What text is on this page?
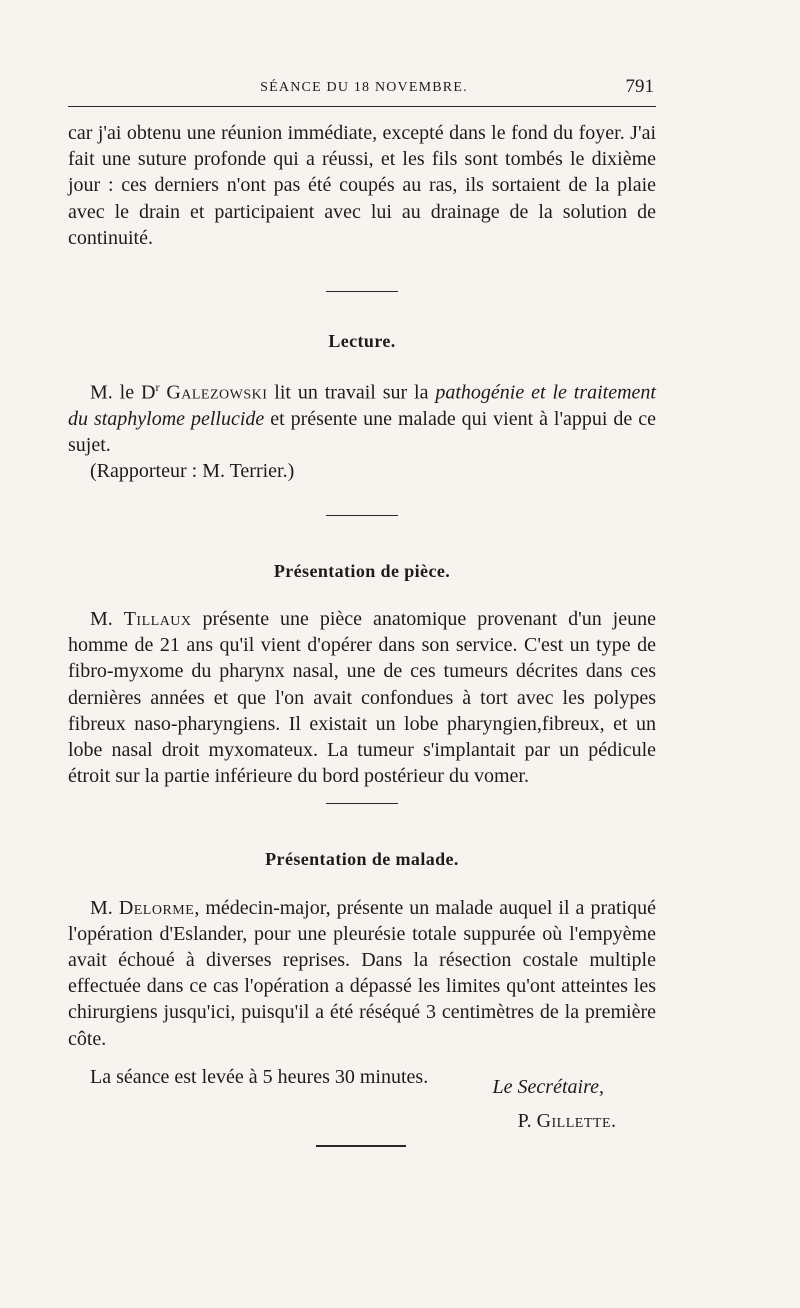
SÉANCE DU 18 NOVEMBRE.	791

car j'ai obtenu une réunion immédiate, excepté dans le fond du foyer. J'ai fait une suture profonde qui a réussi, et les fils sont tombés le dixième jour : ces derniers n'ont pas été coupés au ras, ils sortaient de la plaie avec le drain et participaient avec lui au drainage de la solution de continuité.

Lecture.

M. le $D^r$ Galezowski lit un travail sur la pathogénie et le traitement du staphylome pellucide et présente une malade qui vient à l'appui de ce sujet.

(Rapporteur : M. Terrier.)

Présentation de pièce.

M. Tillaux présente une pièce anatomique provenant d'un jeune homme de 21 ans qu'il vient d'opérer dans son service. C'est un type de fibro-myxome du pharynx nasal, une de ces tumeurs décrites dans ces dernières années et que l'on avait confondues à tort avec les polypes fibreux naso-pharyngiens. Il existait un lobe pharyngien,fibreux, et un lobe nasal droit myxomateux. La tumeur s'implantait par un pédicule étroit sur la partie inférieure du bord postérieur du vomer.

Présentation de malade.

M. Delorme, médecin-major, présente un malade auquel il a pratiqué l'opération d'Eslander, pour une pleurésie totale suppurée où l'empyème avait échoué à diverses reprises. Dans la résection costale multiple effectuée dans ce cas l'opération a dépassé les limites qu'ont atteintes les chirurgiens jusqu'ici, puisqu'il a été réséqué 3 centimètres de la première côte.

La séance est levée à 5 heures 30 minutes.	Le Secrétaire,
P. Gillette.
